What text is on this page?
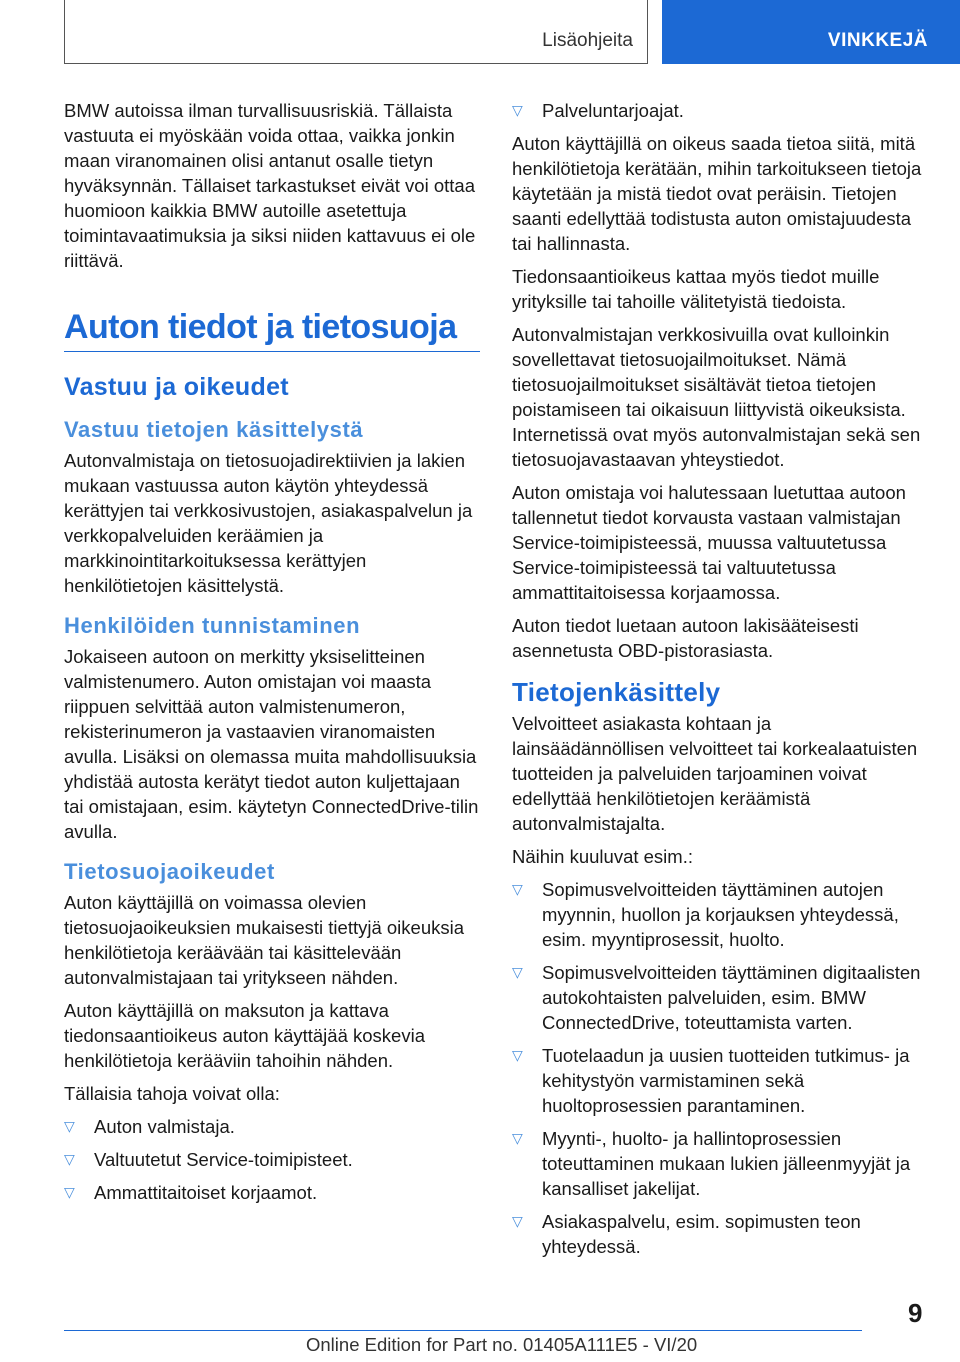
Lisäohjeita	VINKKEJÄ

BMW autoissa ilman turvallisuusriskiä. Tällaista vastuuta ei myöskään voida ottaa, vaikka jonkin maan viranomainen olisi antanut osalle tietyn hyväksynnän. Tällaiset tarkastukset eivät voi ottaa huomioon kaikkia BMW autoille asetettuja toimintavaatimuksia ja siksi niiden kattavuus ei ole riittävä.

Auton tiedot ja tietosuoja
Vastuu ja oikeudet
Vastuu tietojen käsittelystä

Autonvalmistaja on tietosuojadirektiivien ja lakien mukaan vastuussa auton käytön yhteydessä kerättyjen tai verkkosivustojen, asiakaspalvelun ja verkkopalveluiden keräämien ja markkinointitarkoituksessa kerättyjen henkilötietojen käsittelystä.

Henkilöiden tunnistaminen

Jokaiseen autoon on merkitty yksiselitteinen valmistenumero. Auton omistajan voi maasta riippuen selvittää auton valmistenumeron, rekisterinumeron ja vastaavien viranomaisten avulla. Lisäksi on olemassa muita mahdollisuuksia yhdistää autosta kerätyt tiedot auton kuljettajaan tai omistajaan, esim. käytetyn ConnectedDrive-tilin avulla.

Tietosuojaoikeudet

Auton käyttäjillä on voimassa olevien tietosuojaoikeuksien mukaisesti tiettyjä oikeuksia henkilötietoja keräävään tai käsittelevään autonvalmistajaan tai yritykseen nähden.

Auton käyttäjillä on maksuton ja kattava tiedonsaantioikeus auton käyttäjää koskevia henkilötietoja kerääviin tahoihin nähden.

Tällaisia tahoja voivat olla:

▽ Auton valmistaja.
▽ Valtuutetut Service-toimipisteet.
▽ Ammattitaitoiset korjaamot.
▽ Palveluntarjoajat.

Auton käyttäjillä on oikeus saada tietoa siitä, mitä henkilötietoja kerätään, mihin tarkoitukseen tietoja käytetään ja mistä tiedot ovat peräisin. Tietojen saanti edellyttää todistusta auton omistajuudesta tai hallinnasta.

Tiedonsaantioikeus kattaa myös tiedot muille yrityksille tai tahoille välitetyistä tiedoista.

Autonvalmistajan verkkosivuilla ovat kulloinkin sovellettavat tietosuojailmoitukset. Nämä tietosuojailmoitukset sisältävät tietoa tietojen poistamiseen tai oikaisuun liittyvistä oikeuksista. Internetissä ovat myös autonvalmistajan sekä sen tietosuojavastaavan yhteystiedot.

Auton omistaja voi halutessaan luetuttaa autoon tallennetut tiedot korvausta vastaan valmistajan Service-toimipisteessä, muussa valtuutetussa Service-toimipisteessä tai valtuutetussa ammattitaitoisessa korjaamossa.

Auton tiedot luetaan autoon lakisääteisesti asennetusta OBD-pistorasiasta.

Tietojenkäsittely

Velvoitteet asiakasta kohtaan ja lainsäädännöllisen velvoitteet tai korkealaatuisten tuotteiden ja palveluiden tarjoaminen voivat edellyttää henkilötietojen keräämistä autonvalmistajalta.

Näihin kuuluvat esim.:

▽ Sopimusvelvoitteiden täyttäminen autojen myynnin, huollon ja korjauksen yhteydessä, esim. myyntiprosessit, huolto.
▽ Sopimusvelvoitteiden täyttäminen digitaalisten autokohtaisten palveluiden, esim. BMW ConnectedDrive, toteuttamista varten.
▽ Tuotelaadun ja uusien tuotteiden tutkimus- ja kehitystyön varmistaminen sekä huoltoprosessien parantaminen.
▽ Myynti-, huolto- ja hallintoprosessien toteuttaminen mukaan lukien jälleenmyyjät ja kansalliset jakelijat.
▽ Asiakaspalvelu, esim. sopimusten teon yhteydessä.
9
Online Edition for Part no. 01405A111E5 - VI/20
